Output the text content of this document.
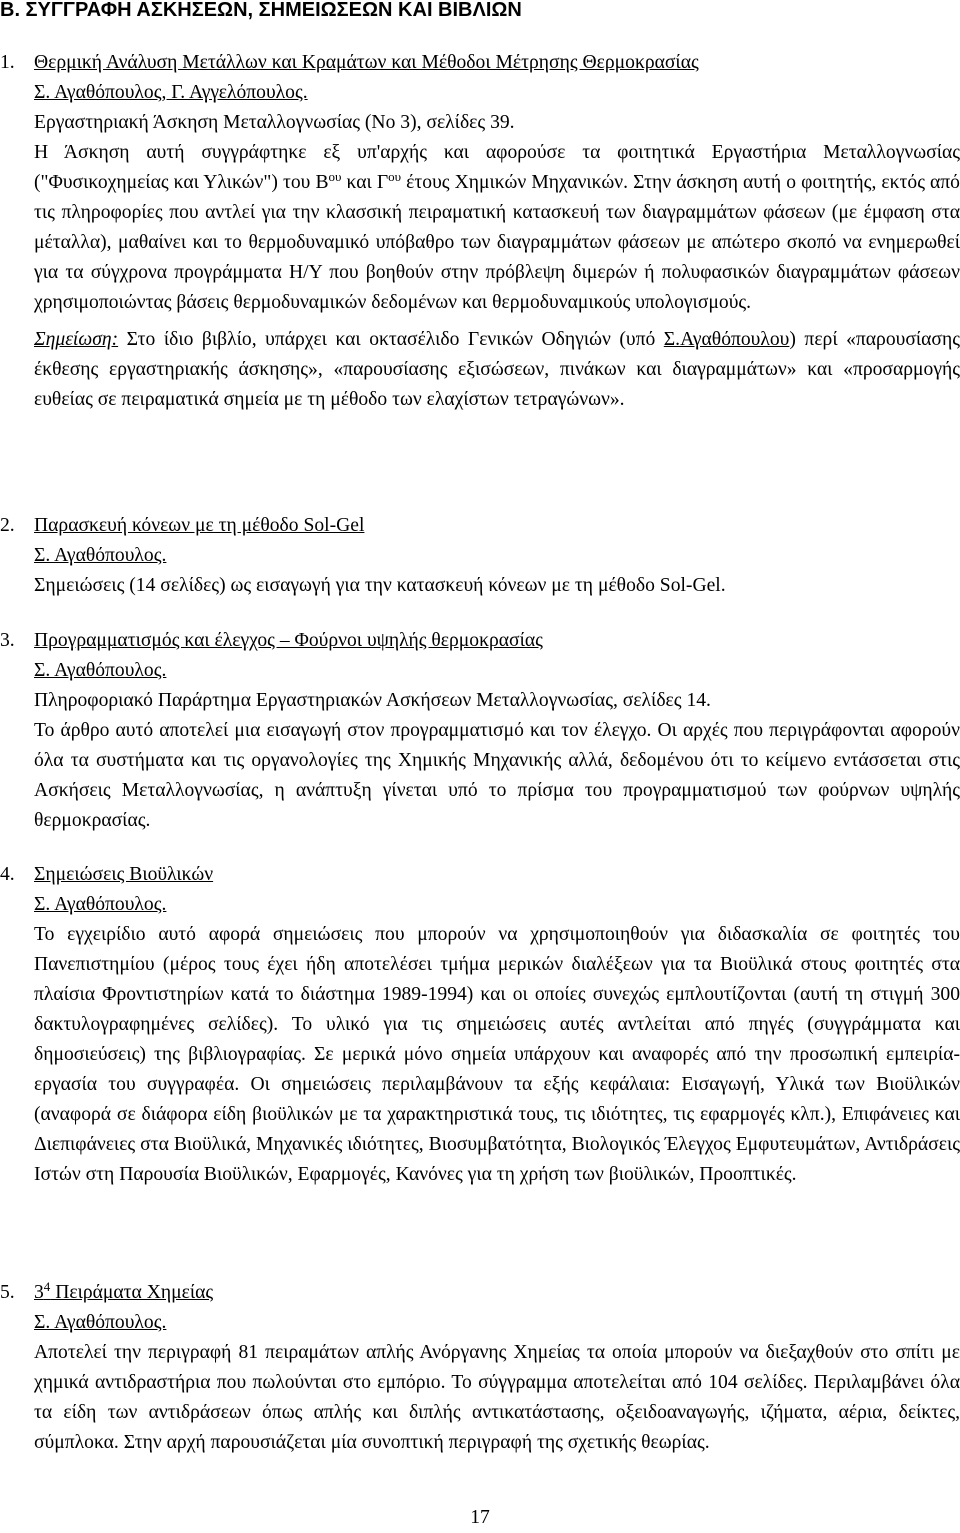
Β. ΣΥΓΓΡΑΦΗ ΑΣΚΗΣΕΩΝ, ΣΗΜΕΙΩΣΕΩΝ ΚΑΙ ΒΙΒΛΙΩΝ
1. Θερμική Ανάλυση Μετάλλων και Κραμάτων και Μέθοδοι Μέτρησης Θερμοκρασίας
Σ. Αγαθόπουλος, Γ. Αγγελόπουλος.
Εργαστηριακή Άσκηση Μεταλλογνωσίας (Νο 3), σελίδες 39.
Η Άσκηση αυτή συγγράφτηκε εξ υπ'αρχής και αφορούσε τα φοιτητικά Εργαστήρια Μεταλλογνωσίας ("Φυσικοχημείας και Υλικών") του $B^{o\upsilon}$ και $\Gamma^{o\upsilon}$ έτους Χημικών Μηχανικών. Στην άσκηση αυτή ο φοιτητής, εκτός από τις πληροφορίες που αντλεί για την κλασσική πειραματική κατασκευή των διαγραμμάτων φάσεων (με έμφαση στα μέταλλα), μαθαίνει και το θερμοδυναμικό υπόβαθρο των διαγραμμάτων φάσεων με απώτερο σκοπό να ενημερωθεί για τα σύγχρονα προγράμματα Η/Υ που βοηθούν στην πρόβλεψη διμερών ή πολυφασικών διαγραμμάτων φάσεων χρησιμοποιώντας βάσεις θερμοδυναμικών δεδομένων και θερμοδυναμικούς υπολογισμούς.
Σημείωση: Στο ίδιο βιβλίο, υπάρχει και οκτασέλιδο Γενικών Οδηγιών (υπό Σ.Αγαθόπουλου) περί «παρουσίασης έκθεσης εργαστηριακής άσκησης», «παρουσίασης εξισώσεων, πινάκων και διαγραμμάτων» και «προσαρμογής ευθείας σε πειραματικά σημεία με τη μέθοδο των ελαχίστων τετραγώνων».
2. Παρασκευή κόνεων με τη μέθοδο Sol-Gel
Σ. Αγαθόπουλος.
Σημειώσεις (14 σελίδες) ως εισαγωγή για την κατασκευή κόνεων με τη μέθοδο Sol-Gel.
3. Προγραμματισμός και έλεγχος – Φούρνοι υψηλής θερμοκρασίας
Σ. Αγαθόπουλος.
Πληροφοριακό Παράρτημα Εργαστηριακών Ασκήσεων Μεταλλογνωσίας, σελίδες 14.
Το άρθρο αυτό αποτελεί μια εισαγωγή στον προγραμματισμό και τον έλεγχο. Οι αρχές που περιγράφονται αφορούν όλα τα συστήματα και τις οργανολογίες της Χημικής Μηχανικής αλλά, δεδομένου ότι το κείμενο εντάσσεται στις Ασκήσεις Μεταλλογνωσίας, η ανάπτυξη γίνεται υπό το πρίσμα του προγραμματισμού των φούρνων υψηλής θερμοκρασίας.
4. Σημειώσεις Βιοϋλικών
Σ. Αγαθόπουλος.
Το εγχειρίδιο αυτό αφορά σημειώσεις που μπορούν να χρησιμοποιηθούν για διδασκαλία σε φοιτητές του Πανεπιστημίου (μέρος τους έχει ήδη αποτελέσει τμήμα μερικών διαλέξεων για τα Βιοϋλικά στους φοιτητές στα πλαίσια Φροντιστηρίων κατά το διάστημα 1989-1994) και οι οποίες συνεχώς εμπλουτίζονται (αυτή τη στιγμή 300 δακτυλογραφημένες σελίδες). Το υλικό για τις σημειώσεις αυτές αντλείται από πηγές (συγγράμματα και δημοσιεύσεις) της βιβλιογραφίας. Σε μερικά μόνο σημεία υπάρχουν και αναφορές από την προσωπική εμπειρία-εργασία του συγγραφέα. Οι σημειώσεις περιλαμβάνουν τα εξής κεφάλαια: Εισαγωγή, Υλικά των Βιοϋλικών (αναφορά σε διάφορα είδη βιοϋλικών με τα χαρακτηριστικά τους, τις ιδιότητες, τις εφαρμογές κλπ.), Επιφάνειες και Διεπιφάνειες στα Βιοϋλικά, Μηχανικές ιδιότητες, Βιοσυμβατότητα, Βιολογικός Έλεγχος Εμφυτευμάτων, Αντιδράσεις Ιστών στη Παρουσία Βιοϋλικών, Εφαρμογές, Κανόνες για τη χρήση των βιοϋλικών, Προοπτικές.
5. $3^4$ Πειράματα Χημείας
Σ. Αγαθόπουλος.
Αποτελεί την περιγραφή 81 πειραμάτων απλής Ανόργανης Χημείας τα οποία μπορούν να διεξαχθούν στο σπίτι με χημικά αντιδραστήρια που πωλούνται στο εμπόριο. Το σύγγραμμα αποτελείται από 104 σελίδες. Περιλαμβάνει όλα τα είδη των αντιδράσεων όπως απλής και διπλής αντικατάστασης, οξειδοαναγωγής, ιζήματα, αέρια, δείκτες, σύμπλοκα. Στην αρχή παρουσιάζεται μία συνοπτική περιγραφή της σχετικής θεωρίας.
17
